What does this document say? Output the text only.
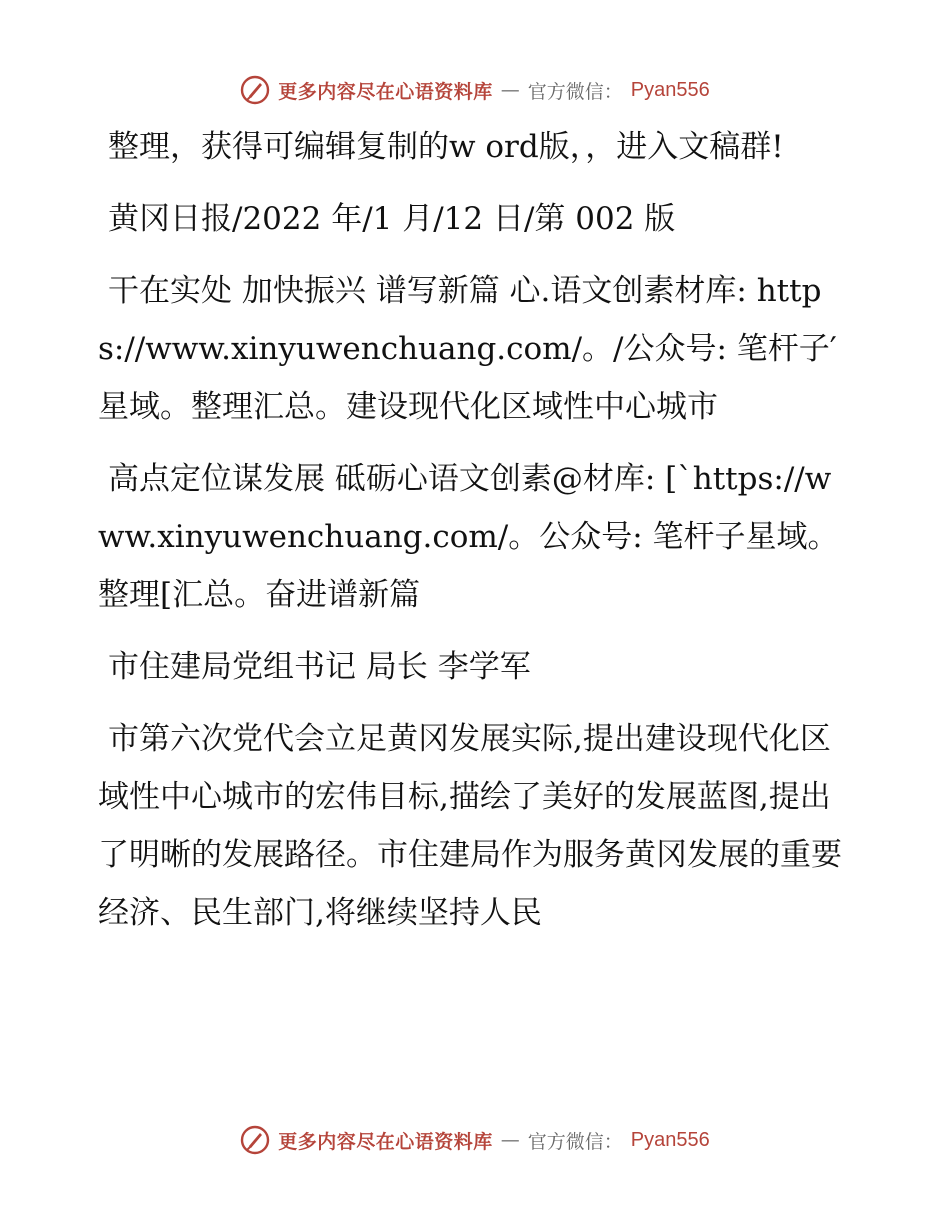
更多内容尽在心语资料库 — 官方微信： Pyan556

整理，获得可编辑复制的w ord版，，进入文稿群!

黄冈日报/2022 年/1 月/12 日/第 002 版

干在实处 加快振兴 谱写新篇 心.语文创素材库: https://www.xinyuwenchuang.com/。/公众号: 笔杆子′星域。整理汇总。建设现代化区域性中心城市

高点定位谋发展 砥砺心语文创素@材库: [`https://www.xinyuwenchuang.com/。公众号: 笔杆子星域。整理[汇总。奋进谱新篇

市住建局党组书记 局长 李学军

市第六次党代会立足黄冈发展实际,提出建设现代化区域性中心城市的宏伟目标,描绘了美好的发展蓝图,提出了明晰的发展路径。市住建局作为服务黄冈发展的重要经济、民生部门,将继续坚持人民

更多内容尽在心语资料库 — 官方微信： Pyan556
